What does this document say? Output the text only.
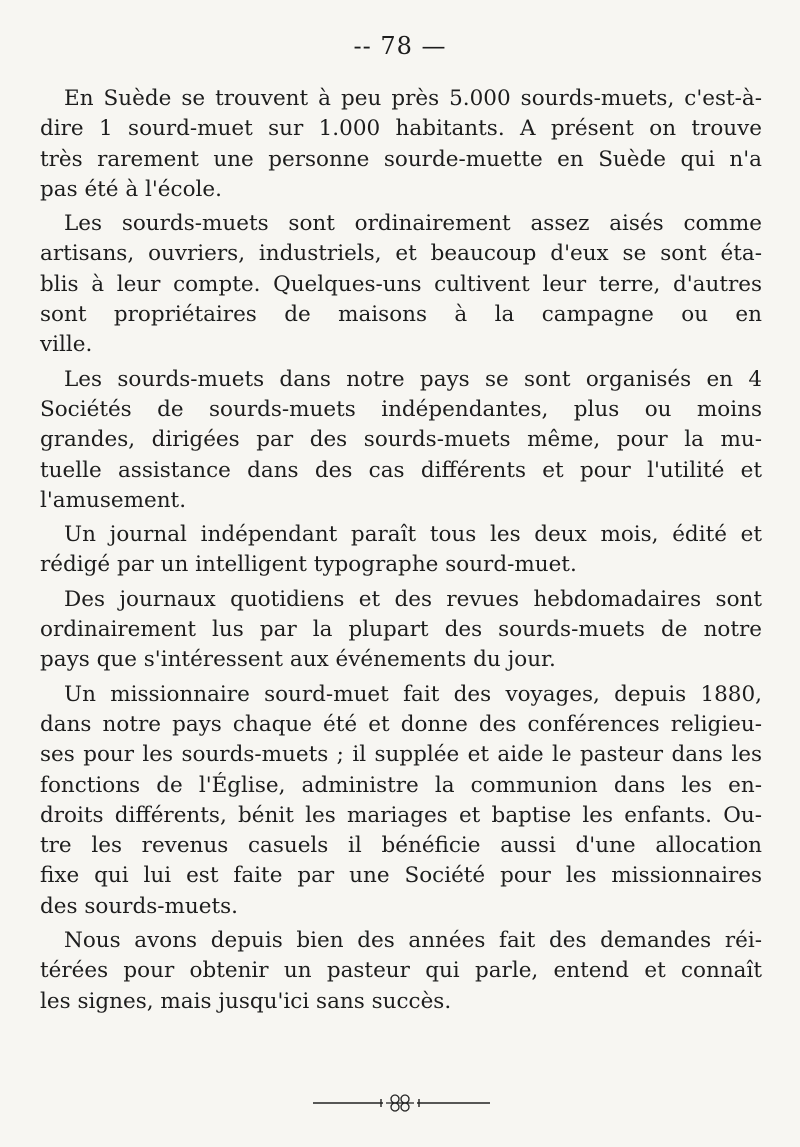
-- 78 —

En Suède se trouvent à peu près 5.000 sourds-muets, c'est-à-
dire 1 sourd-muet sur 1.000 habitants. A présent on trouve
très rarement une personne sourde-muette en Suède qui n'a
pas été à l'école.

Les sourds-muets sont ordinairement assez aisés comme
artisans, ouvriers, industriels, et beaucoup d'eux se sont éta-
blis à leur compte. Quelques-uns cultivent leur terre, d'autres
sont propriétaires de maisons à la campagne ou en
ville.

Les sourds-muets dans notre pays se sont organisés en 4
Sociétés de sourds-muets indépendantes, plus ou moins
grandes, dirigées par des sourds-muets même, pour la mu-
tuelle assistance dans des cas différents et pour l'utilité et
l'amusement.

Un journal indépendant paraît tous les deux mois, édité et
rédigé par un intelligent typographe sourd-muet.

Des journaux quotidiens et des revues hebdomadaires sont
ordinairement lus par la plupart des sourds-muets de notre
pays que s'intéressent aux événements du jour.

Un missionnaire sourd-muet fait des voyages, depuis 1880,
dans notre pays chaque été et donne des conférences religieu-
ses pour les sourds-muets ; il supplée et aide le pasteur dans les
fonctions de l'Église, administre la communion dans les en-
droits différents, bénit les mariages et baptise les enfants. Ou-
tre les revenus casuels il bénéficie aussi d'une allocation
fixe qui lui est faite par une Société pour les missionnaires
des sourds-muets.

Nous avons depuis bien des années fait des demandes réi-
térées pour obtenir un pasteur qui parle, entend et connaît
les signes, mais jusqu'ici sans succès.
